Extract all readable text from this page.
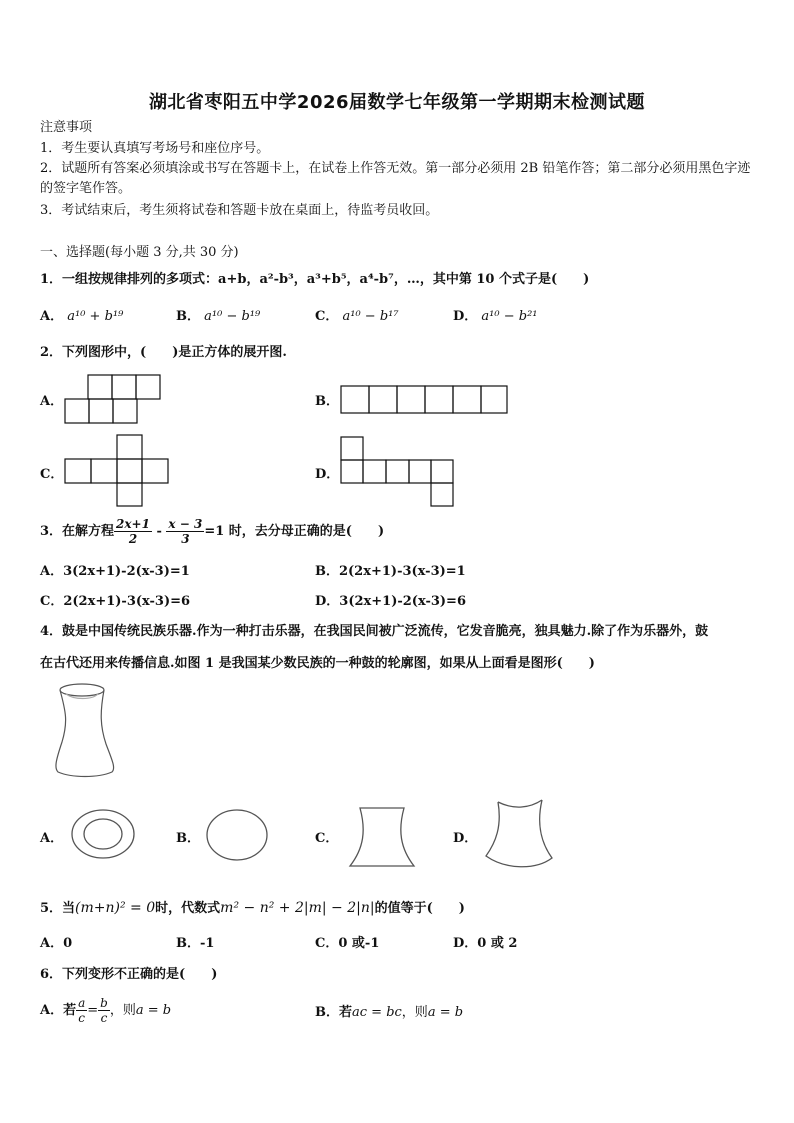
湖北省枣阳五中学2026届数学七年级第一学期期末检测试题
注意事项
1．考生要认真填写考场号和座位序号。
2．试题所有答案必须填涂或书写在答题卡上，在试卷上作答无效。第一部分必须用 2B 铅笔作答；第二部分必须用黑色字迹的签字笔作答。
3．考试结束后，考生须将试卷和答题卡放在桌面上，待监考员收回。
一、选择题(每小题 3 分,共 30 分)
1．一组按规律排列的多项式：a+b，a²-b³，a³+b⁵，a⁴-b⁷，…，其中第 10 个式子是(　　)
A． a¹⁰ + b¹⁹	B． a¹⁰ − b¹⁹	C． a¹⁰ − b¹⁷	D． a¹⁰ − b²¹
2．下列图形中，(　　)是正方体的展开图.
A．	B．
C．	D．
3．在解方程 $\frac{2x+1}{2} - \frac{x - 3}{3} =1$ 时，去分母正确的是(　　)
A．3(2x+1)-2(x-3)=1	B．2(2x+1)-3(x-3)=1
C．2(2x+1)-3(x-3)=6	D．3(2x+1)-2(x-3)=6
4．鼓是中国传统民族乐器.作为一种打击乐器，在我国民间被广泛流传，它发音脆亮，独具魅力.除了作为乐器外，鼓
在古代还用来传播信息.如图 1 是我国某少数民族的一种鼓的轮廓图，如果从上面看是图形(　　)
A．	B．	C．	D．
5．当(m+n)² = 0时，代数式m² − n² + 2|m| − 2|n|的值等于(　　)
A．0	B．-1	C．0 或-1	D．0 或 2
6．下列变形不正确的是(　　)
A．若 $\frac{a}{c} = \frac{b}{c}$ ，则a = b	B．若ac = bc，则a = b
